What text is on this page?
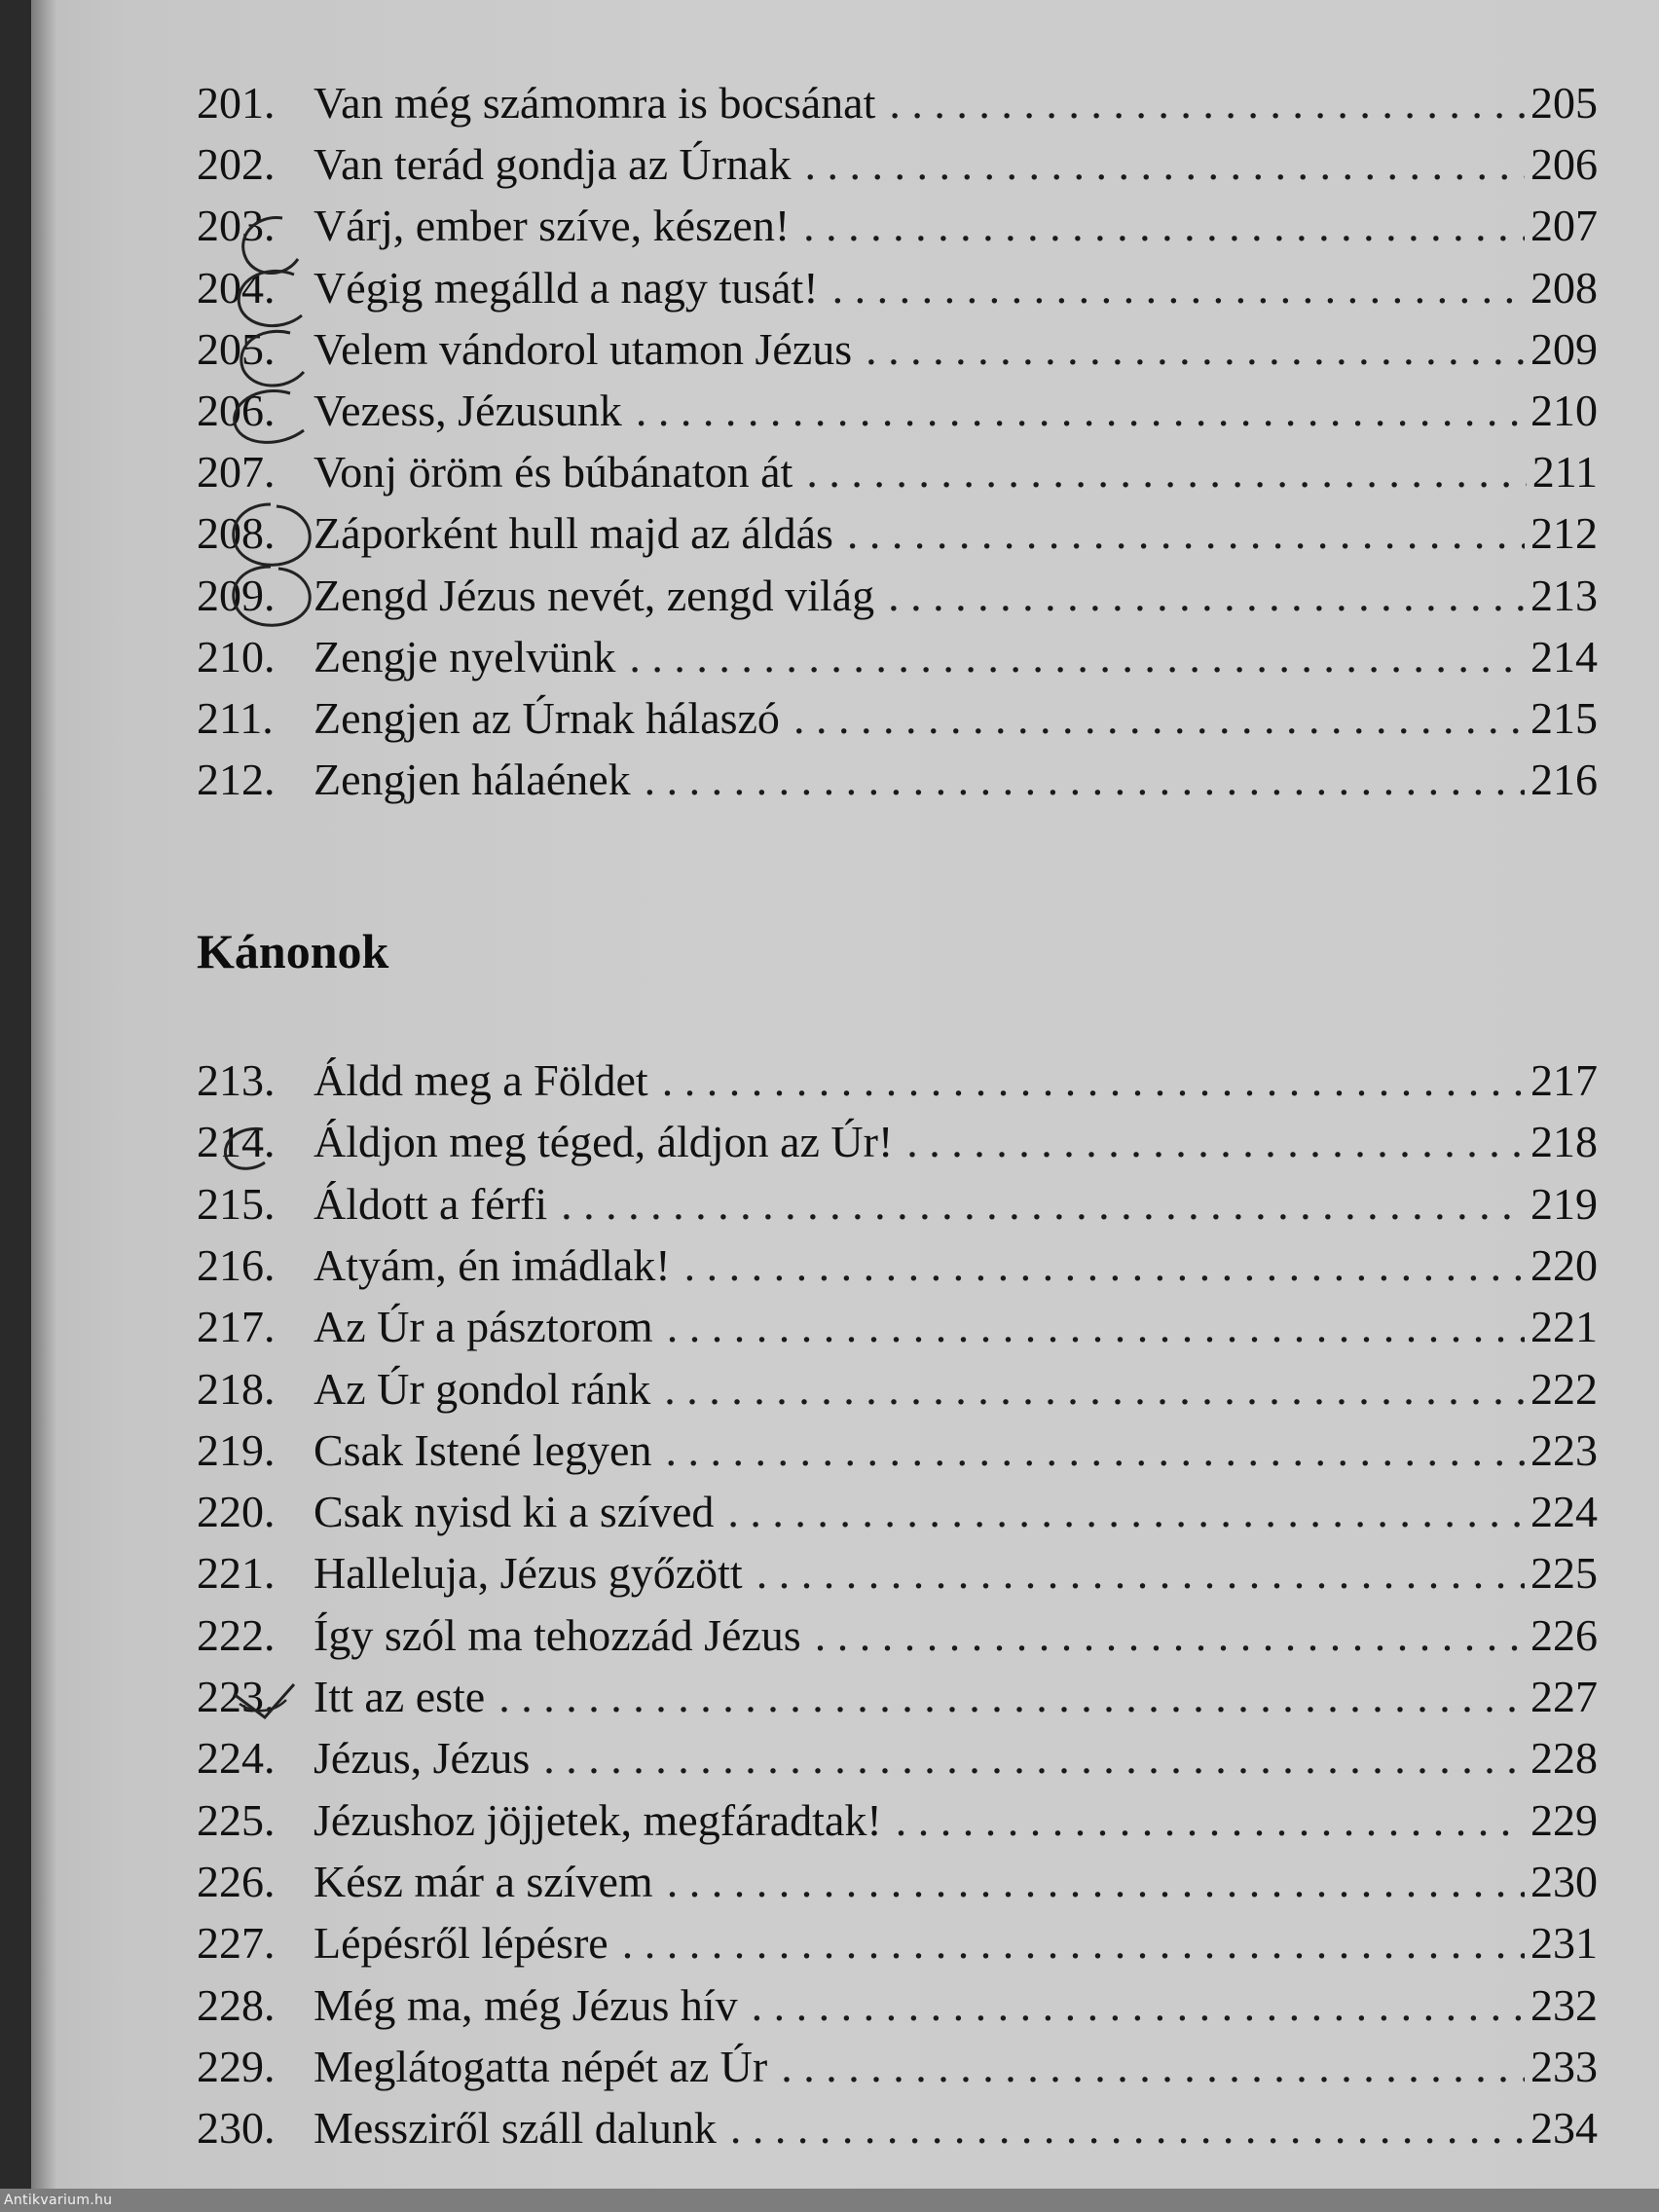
201. Van még számomra is bocsánat . . .	205
202. Van terád gondja az Úrnak . . .	206
203. Várj, ember szíve, készen! . . .	207
204. Végig megálld a nagy tusát! . . .	208
205. Velem vándorol utamon Jézus . . .	209
206. Vezess, Jézusunk . . .	210
207. Vonj öröm és búbánaton át . . .	211
208. Záporként hull majd az áldás . . .	212
209. Zengd Jézus nevét, zengd világ . . .	213
210. Zengje nyelvünk . . .	214
211. Zengjen az Úrnak hálaszó . . .	215
212. Zengjen hálaének . . .	216
Kánonok
213. Áldd meg a Földet . . .	217
214. Áldjon meg téged, áldjon az Úr! . . .	218
215. Áldott a férfi . . .	219
216. Atyám, én imádlak! . . .	220
217. Az Úr a pásztorom . . .	221
218. Az Úr gondol ránk . . .	222
219. Csak Istené legyen . . .	223
220. Csak nyisd ki a szíved . . .	224
221. Halleluja, Jézus győzött . . .	225
222. Így szól ma tehozzád Jézus . . .	226
223. Itt az este . . .	227
224. Jézus, Jézus . . .	228
225. Jézushoz jöjjetek, megfáradtak! . . .	229
226. Kész már a szívem . . .	230
227. Lépésről lépésre . . .	231
228. Még ma, még Jézus hív . . .	232
229. Meglátogatta népét az Úr . . .	233
230. Messziről száll dalunk . . .	234
Antikvarium.hu
